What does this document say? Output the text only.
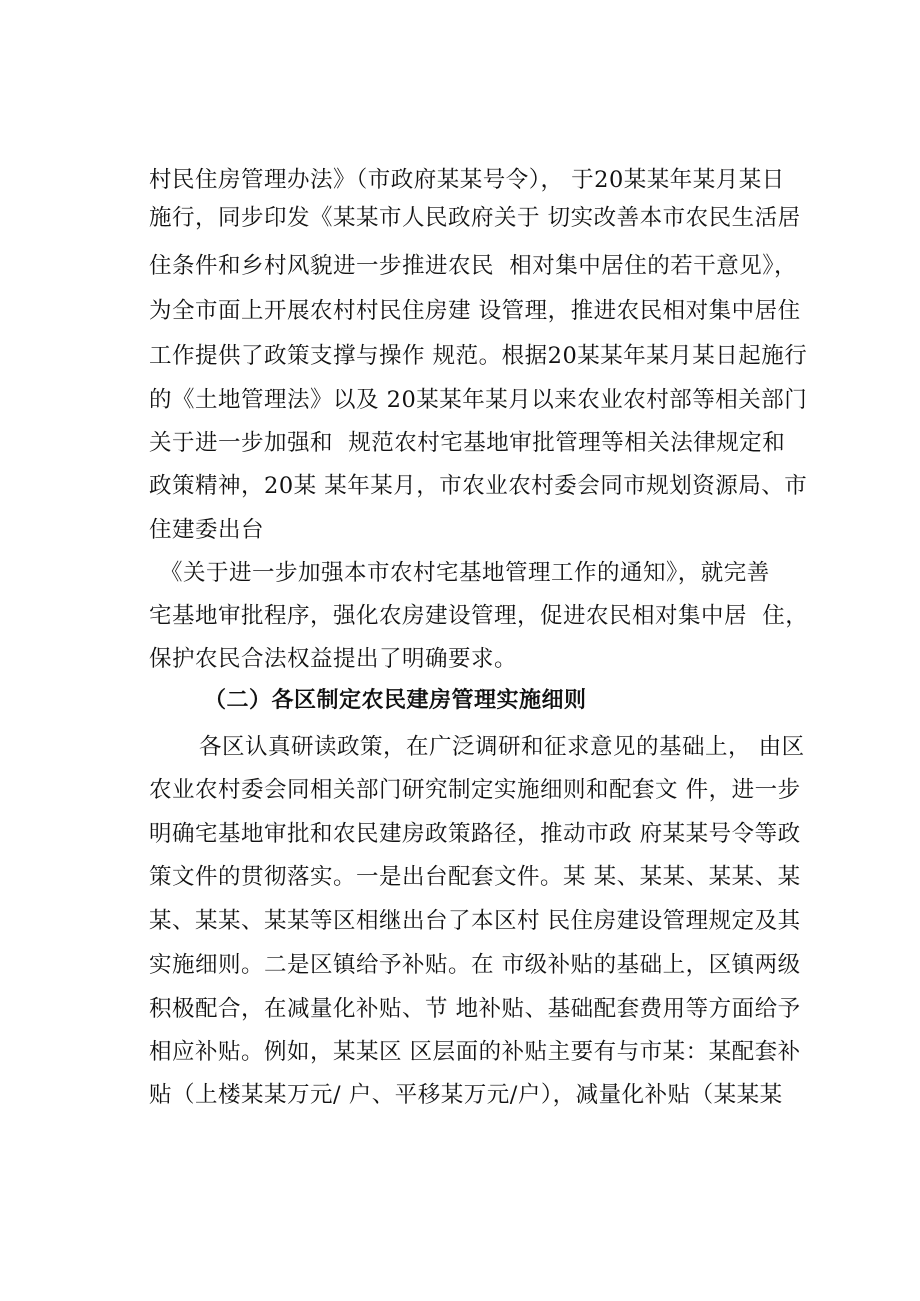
村民住房管理办法》（市政府某某号令）， 于20某某年某月某日
施行，同步印发《某某市人民政府关于 切实改善本市农民生活居
住条件和乡村风貌进一步推进农民  相对集中居住的若干意见》，
为全市面上开展农村村民住房建 设管理，推进农民相对集中居住
工作提供了政策支撑与操作 规范。根据20某某年某月某日起施行
的《土地管理法》以及 20某某年某月以来农业农村部等相关部门
关于进一步加强和  规范农村宅基地审批管理等相关法律规定和
政策精神，20某 某年某月，市农业农村委会同市规划资源局、市
住建委出台
《关于进一步加强本市农村宅基地管理工作的通知》，就完善
宅基地审批程序，强化农房建设管理，促进农民相对集中居  住，
保护农民合法权益提出了明确要求。
（二）各区制定农民建房管理实施细则
各区认真研读政策，在广泛调研和征求意见的基础上， 由区
农业农村委会同相关部门研究制定实施细则和配套文 件，进一步
明确宅基地审批和农民建房政策路径，推动市政 府某某号令等政
策文件的贯彻落实。一是出台配套文件。某 某、某某、某某、某
某、某某、某某等区相继出台了本区村 民住房建设管理规定及其
实施细则。二是区镇给予补贴。在 市级补贴的基础上，区镇两级
积极配合，在减量化补贴、节 地补贴、基础配套费用等方面给予
相应补贴。例如，某某区 区层面的补贴主要有与市某：某配套补
贴（上楼某某万元/ 户、平移某万元/户），减量化补贴（某某某
